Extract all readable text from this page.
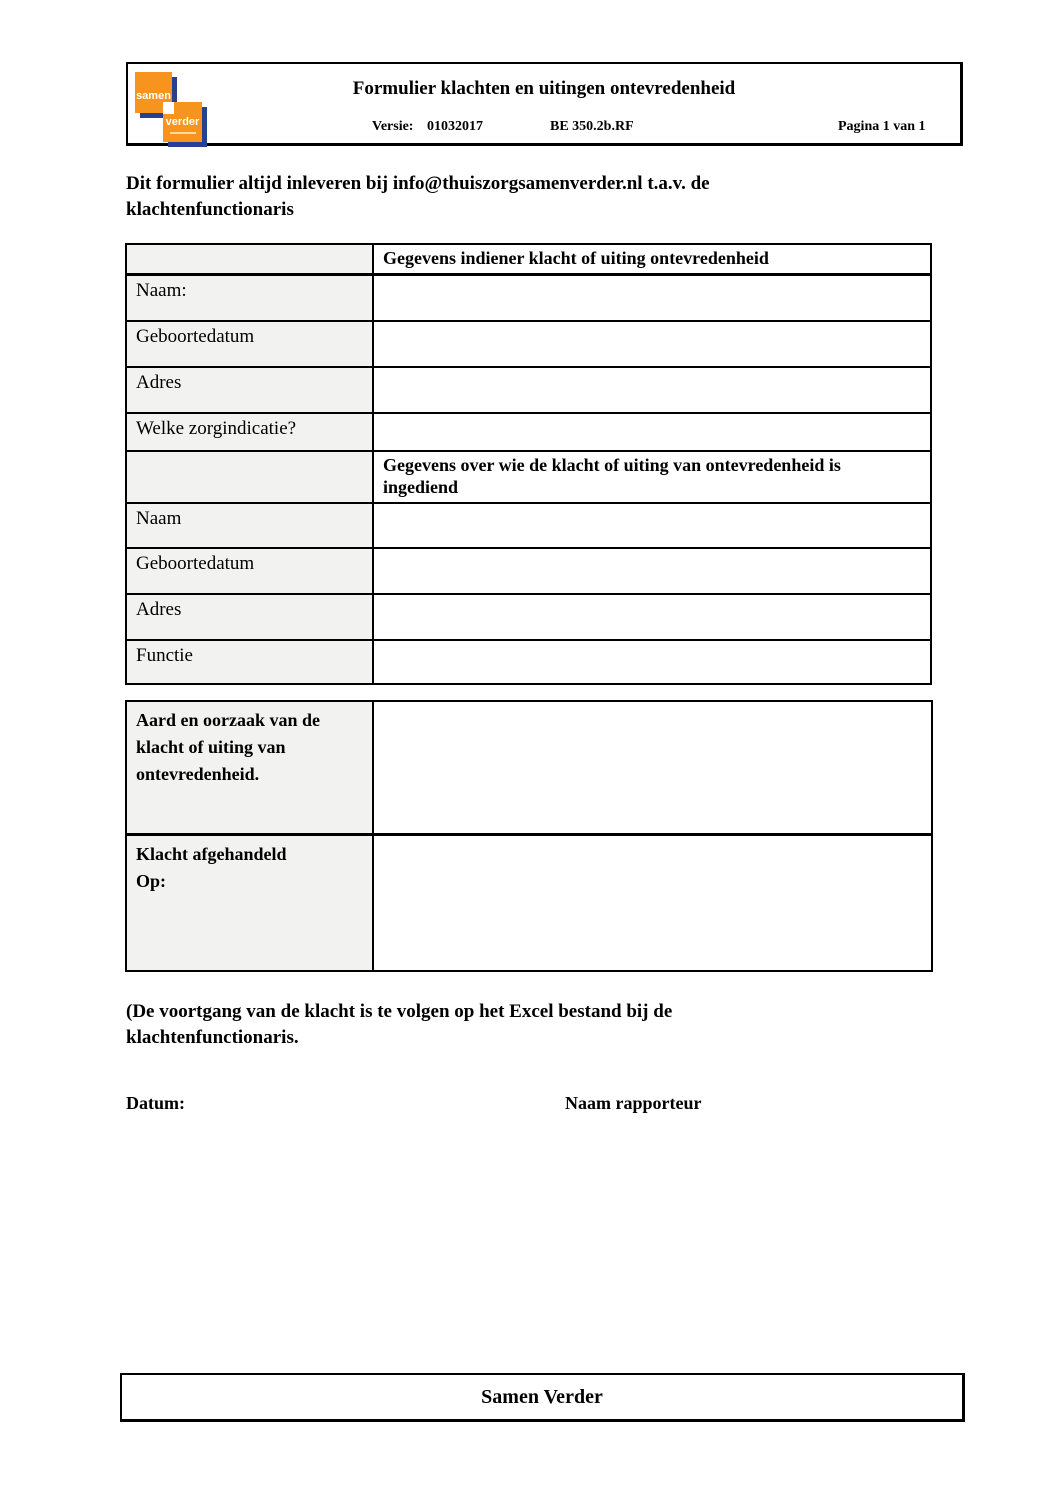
samen
verder
Formulier klachten en uitingen ontevredenheid
Versie: 01032017	BE 350.2b.RF	Pagina 1 van 1
Dit formulier altijd inleveren bij info@thuiszorgsamenverder.nl t.a.v. de
klachtenfunctionaris
	Gegevens indiener klacht of uiting ontevredenheid
Naam:	
Geboortedatum	
Adres	
Welke zorgindicatie?	

	Gegevens over wie de klacht of uiting van ontevredenheid is
ingediend

Naam	
Geboortedatum	
Adres	
Functie	
Aard en oorzaak van de
klacht of uiting van
ontevredenheid.	

Klacht afgehandeld
Op:	

(De voortgang van de klacht is te volgen op het Excel bestand bij de
klachtenfunctionaris.
Datum:	Naam rapporteur
Samen Verder
